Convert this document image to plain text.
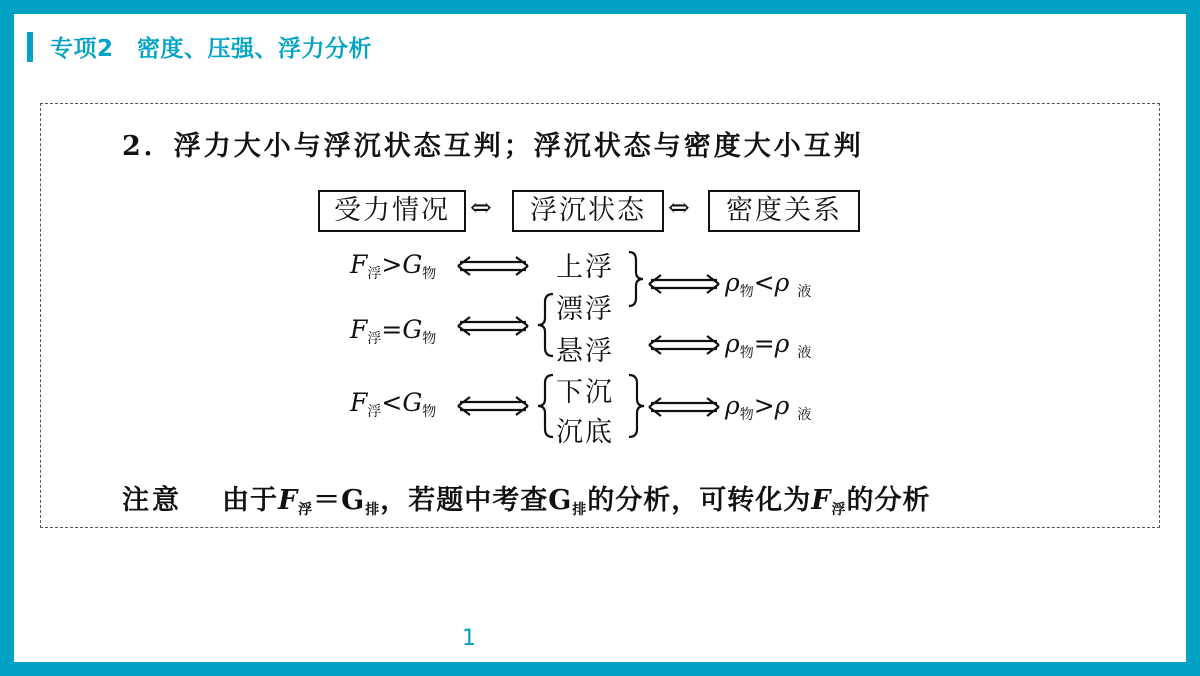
专项2　密度、压强、浮力分析
2．浮力大小与浮沉状态互判；浮沉状态与密度大小互判
受力情况 ⇔	浮沉状态 ⇔	密度关系
$F_浮>G_物$
$F_浮=G_物$
$F_浮<G_物$
上浮
漂浮
悬浮
下沉
沉底
$\rho_物<\rho$ $_液$
$\rho_物=\rho$ $_液$
$\rho_物>\rho$ $_液$
注意 由于$F_浮=G_排$，若题中考查$G_排$的分析，可转化为$F_浮$的分析
1
